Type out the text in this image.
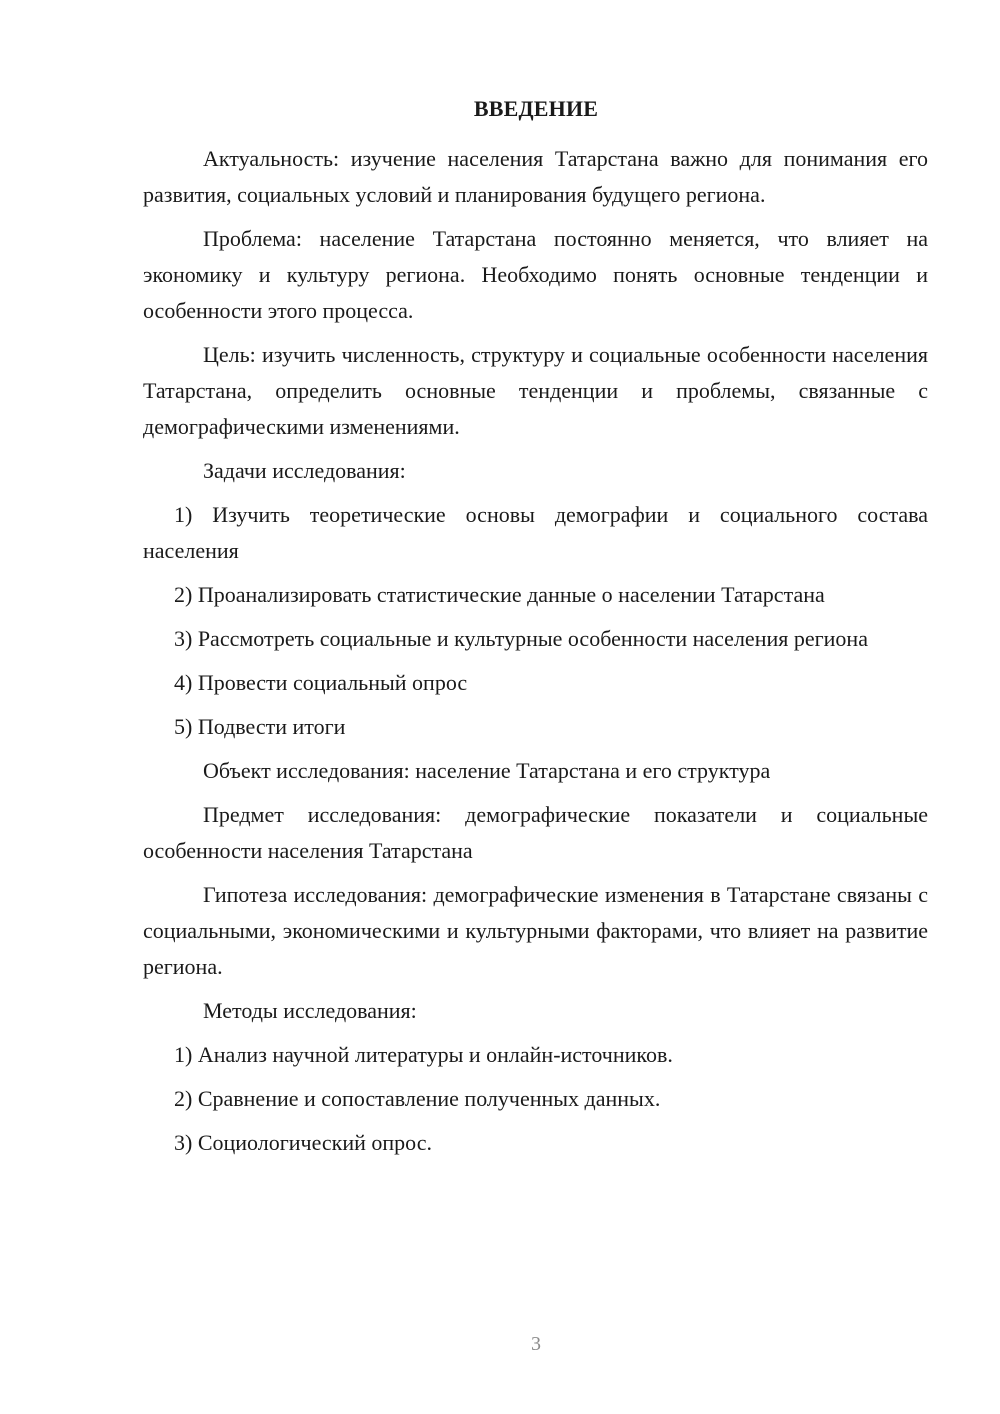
ВВЕДЕНИЕ

Актуальность: изучение населения Татарстана важно для понимания его развития, социальных условий и планирования будущего региона.

Проблема: население Татарстана постоянно меняется, что влияет на экономику и культуру региона. Необходимо понять основные тенденции и особенности этого процесса.

Цель: изучить численность, структуру и социальные особенности населения Татарстана, определить основные тенденции и проблемы, связанные с демографическими изменениями.

Задачи исследования:

1) Изучить теоретические основы демографии и социального состава населения

2) Проанализировать статистические данные о населении Татарстана

3) Рассмотреть социальные и культурные особенности населения региона

4) Провести социальный опрос

5) Подвести итоги

Объект исследования: население Татарстана и его структура

Предмет исследования: демографические показатели и социальные особенности населения Татарстана

Гипотеза исследования: демографические изменения в Татарстане связаны с социальными, экономическими и культурными факторами, что влияет на развитие региона.

Методы исследования:

1) Анализ научной литературы и онлайн-источников.

2) Сравнение и сопоставление полученных данных.

3) Социологический опрос.

3
